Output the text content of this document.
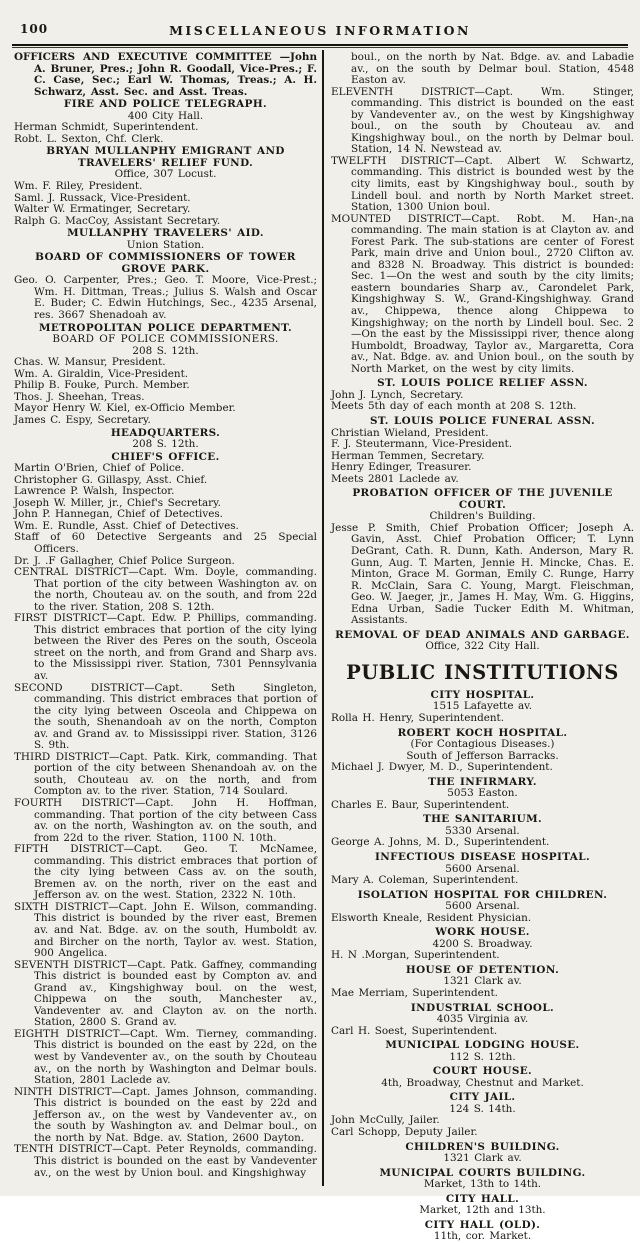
100	MISCELLANEOUS INFORMATION
OFFICERS AND EXECUTIVE COMMITTEE —John A. Bruner, Pres.; John R. Goodall, Vice-Pres.; F. C. Case, Sec.; Earl W. Thomas, Treas.; A. H. Schwarz, Asst. Sec. and Asst. Treas.
FIRE AND POLICE TELEGRAPH.
400 City Hall.
Herman Schmidt, Superintendent.
Robt. L. Sexton, Chf. Clerk.
BRYAN MULLANPHY EMIGRANT AND TRAVELERS' RELIEF FUND.
Office, 307 Locust.
Wm. F. Riley, President.
Saml. J. Russack, Vice-President.
Walter W. Ermatinger, Secretary.
Ralph G. MacCoy, Assistant Secretary.
MULLANPHY TRAVELERS' AID.
Union Station.
BOARD OF COMMISSIONERS OF TOWER GROVE PARK.
Geo. O. Carpenter, Pres.; Geo. T. Moore, Vice-Prest.; Wm. H. Dittman, Treas.; Julius S. Walsh and Oscar E. Buder; C. Edwin Hutchings, Sec., 4235 Arsenal, res. 3667 Shenadoah av.
METROPOLITAN POLICE DEPARTMENT.
BOARD OF POLICE COMMISSIONERS.
208 S. 12th.
Chas. W. Mansur, President.
Wm. A. Giraldin, Vice-President.
Philip B. Fouke, Purch. Member.
Thos. J. Sheehan, Treas.
Mayor Henry W. Kiel, ex-Officio Member.
James C. Espy, Secretary.
HEADQUARTERS.
208 S. 12th.
CHIEF'S OFFICE.
Martin O'Brien, Chief of Police.
Christopher G. Gillaspy, Asst. Chief.
Lawrence P. Walsh, Inspector.
Joseph W. Miller, jr., Chief's Secretary.
John P. Hannegan, Chief of Detectives.
Wm. E. Rundle, Asst. Chief of Detectives.
Staff of 60 Detective Sergeants and 25 Special Officers.
Dr. J. .F Gallagher, Chief Police Surgeon.
CENTRAL DISTRICT—Capt. Wm. Doyle, commanding. That portion of the city between Washington av. on the north, Chouteau av. on the south, and from 22d to the river. Station, 208 S. 12th.
FIRST DISTRICT—Capt. Edw. P. Phillips, commanding. This district embraces that portion of the city lying between the River des Peres on the south, Osceola street on the north, and from Grand and Sharp avs. to the Mississippi river. Station, 7301 Pennsylvania av.
SECOND DISTRICT—Capt. Seth Singleton, commanding. This district embraces that portion of the city lying between Osceola and Chippewa on the south, Shenandoah av on the north, Compton av. and Grand av. to Mississippi river. Station, 3126 S. 9th.
THIRD DISTRICT—Capt. Patk. Kirk, commanding. That portion of the city between Shenandoah av. on the south, Chouteau av. on the north, and from Compton av. to the river. Station, 714 Soulard.
FOURTH DISTRICT—Capt. John H. Hoffman, commanding. That portion of the city between Cass av. on the north, Washington av. on the south, and from 22d to the river. Station, 1100 N. 10th.
FIFTH DISTRICT—Capt. Geo. T. McNamee, commanding. This district embraces that portion of the city lying between Cass av. on the south, Bremen av. on the north, river on the east and Jefferson av. on the west. Station, 2322 N. 10th.
SIXTH DISTRICT—Capt. John E. Wilson, commanding. This district is bounded by the river east, Bremen av. and Nat. Bdge. av. on the south, Humboldt av. and Bircher on the north, Taylor av. west. Station, 900 Angelica.
SEVENTH DISTRICT—Capt. Patk. Gaffney, commanding This district is bounded east by Compton av. and Grand av., Kingshighway boul. on the west, Chippewa on the south, Manchester av., Vandeventer av. and Clayton av. on the north. Station, 2800 S. Grand av.
EIGHTH DISTRICT—Capt. Wm. Tierney, commanding. This district is bounded on the east by 22d, on the west by Vandeventer av., on the south by Chouteau av., on the north by Washington and Delmar bouls. Station, 2801 Laclede av.
NINTH DISTRICT—Capt. James Johnson, commanding. This district is bounded on the east by 22d and Jefferson av., on the west by Vandeventer av., on the south by Washington av. and Delmar boul., on the north by Nat. Bdge. av. Station, 2600 Dayton.
TENTH DISTRICT—Capt. Peter Reynolds, commanding. This district is bounded on the east by Vandeventer av., on the west by Union boul. and Kingshighway
boul., on the north by Nat. Bdge. av. and Labadie av., on the south by Delmar boul. Station, 4548 Easton av.
ELEVENTH DISTRICT—Capt. Wm. Stinger, commanding. This district is bounded on the east by Vandeventer av., on the west by Kingshighway boul., on the south by Chouteau av. and Kingshighway boul., on the north by Delmar boul. Station, 14 N. Newstead av.
TWELFTH DISTRICT—Capt. Albert W. Schwartz, commanding. This district is bounded west by the city limits, east by Kingshighway boul., south by Lindell boul. and north by North Market street. Station, 1300 Union boul.
MOUNTED DISTRICT—Capt. Robt. M. Han-,na commanding. The main station is at Clayton av. and Forest Park. The sub-stations are center of Forest Park, main drive and Union boul., 2720 Clifton av. and 8328 N. Broadway. This district is bounded: Sec. 1—On the west and south by the city limits; eastern boundaries Sharp av., Carondelet Park, Kingshighway S. W., Grand-Kingshighway. Grand av., Chippewa, thence along Chippewa to Kingshighway; on the north by Lindell boul. Sec. 2—On the east by the Mississippi river, thence along Humboldt, Broadway, Taylor av., Margaretta, Cora av., Nat. Bdge. av. and Union boul., on the south by North Market, on the west by city limits.
ST. LOUIS POLICE RELIEF ASSN.
John J. Lynch, Secretary.
Meets 5th day of each month at 208 S. 12th.
ST. LOUIS POLICE FUNERAL ASSN.
Christian Wieland, President.
F. J. Steutermann, Vice-President.
Herman Temmen, Secretary.
Henry Edinger, Treasurer.
Meets 2801 Laclede av.
PROBATION OFFICER OF THE JUVENILE COURT.
Children's Building.
Jesse P. Smith, Chief Probation Officer; Joseph A. Gavin, Asst. Chief Probation Officer; T. Lynn DeGrant, Cath. R. Dunn, Kath. Anderson, Mary R. Gunn, Aug. T. Marten, Jennie H. Mincke, Chas. E. Minton, Grace M. Gorman, Emily C. Runge, Harry R. McClain, Sara C. Young, Margt. Fleischman, Geo. W. Jaeger, jr., James H. May, Wm. G. Higgins, Edna Urban, Sadie Tucker Edith M. Whitman, Assistants.
REMOVAL OF DEAD ANIMALS AND GARBAGE.
Office, 322 City Hall.
PUBLIC INSTITUTIONS
CITY HOSPITAL.
1515 Lafayette av.
Rolla H. Henry, Superintendent.
ROBERT KOCH HOSPITAL.
(For Contagious Diseases.)
South of Jefferson Barracks.
Michael J. Dwyer, M. D., Superintendent.
THE INFIRMARY.
5053 Easton.
Charles E. Baur, Superintendent.
THE SANITARIUM.
5330 Arsenal.
George A. Johns, M. D., Superintendent.
INFECTIOUS DISEASE HOSPITAL.
5600 Arsenal.
Mary A. Coleman, Superintendent.
ISOLATION HOSPITAL FOR CHILDREN.
5600 Arsenal.
Elsworth Kneale, Resident Physician.
WORK HOUSE.
4200 S. Broadway.
H. N .Morgan, Superintendent.
HOUSE OF DETENTION.
1321 Clark av.
Mae Merriam, Superintendent.
INDUSTRIAL SCHOOL.
4035 Virginia av.
Carl H. Soest, Superintendent.
MUNICIPAL LODGING HOUSE.
112 S. 12th.
COURT HOUSE.
4th, Broadway, Chestnut and Market.
CITY JAIL.
124 S. 14th.
John McCully, Jailer.
Carl Schopp, Deputy Jailer.
CHILDREN'S BUILDING.
1321 Clark av.
MUNICIPAL COURTS BUILDING.
Market, 13th to 14th.
CITY HALL.
Market, 12th and 13th.
CITY HALL (OLD).
11th, cor. Market.
